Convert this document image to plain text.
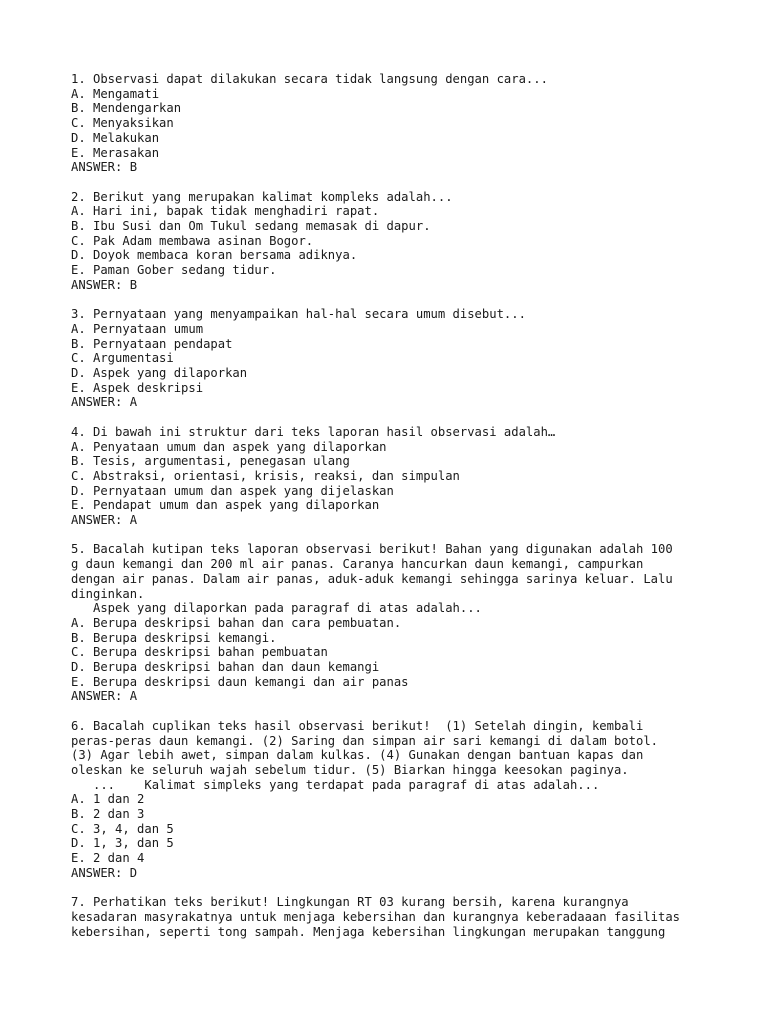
1. Observasi dapat dilakukan secara tidak langsung dengan cara...
A. Mengamati
B. Mendengarkan
C. Menyaksikan
D. Melakukan
E. Merasakan
ANSWER: B
2. Berikut yang merupakan kalimat kompleks adalah...
A. Hari ini, bapak tidak menghadiri rapat.
B. Ibu Susi dan Om Tukul sedang memasak di dapur.
C. Pak Adam membawa asinan Bogor.
D. Doyok membaca koran bersama adiknya.
E. Paman Gober sedang tidur.
ANSWER: B
3. Pernyataan yang menyampaikan hal-hal secara umum disebut...
A. Pernyataan umum
B. Pernyataan pendapat
C. Argumentasi
D. Aspek yang dilaporkan
E. Aspek deskripsi
ANSWER: A
4. Di bawah ini struktur dari teks laporan hasil observasi adalah…
A. Penyataan umum dan aspek yang dilaporkan
B. Tesis, argumentasi, penegasan ulang
C. Abstraksi, orientasi, krisis, reaksi, dan simpulan
D. Pernyataan umum dan aspek yang dijelaskan
E. Pendapat umum dan aspek yang dilaporkan
ANSWER: A
5. Bacalah kutipan teks laporan observasi berikut! Bahan yang digunakan adalah 100
g daun kemangi dan 200 ml air panas. Caranya hancurkan daun kemangi, campurkan
dengan air panas. Dalam air panas, aduk-aduk kemangi sehingga sarinya keluar. Lalu
dinginkan.
Aspek yang dilaporkan pada paragraf di atas adalah...
A. Berupa deskripsi bahan dan cara pembuatan.
B. Berupa deskripsi kemangi.
C. Berupa deskripsi bahan pembuatan
D. Berupa deskripsi bahan dan daun kemangi
E. Berupa deskripsi daun kemangi dan air panas
ANSWER: A
6. Bacalah cuplikan teks hasil observasi berikut!  (1) Setelah dingin, kembali
peras-peras daun kemangi. (2) Saring dan simpan air sari kemangi di dalam botol.
(3) Agar lebih awet, simpan dalam kulkas. (4) Gunakan dengan bantuan kapas dan
oleskan ke seluruh wajah sebelum tidur. (5) Biarkan hingga keesokan paginya.
...    Kalimat simpleks yang terdapat pada paragraf di atas adalah...
A. 1 dan 2
B. 2 dan 3
C. 3, 4, dan 5
D. 1, 3, dan 5
E. 2 dan 4
ANSWER: D
7. Perhatikan teks berikut! Lingkungan RT 03 kurang bersih, karena kurangnya
kesadaran masyrakatnya untuk menjaga kebersihan dan kurangnya keberadaaan fasilitas
kebersihan, seperti tong sampah. Menjaga kebersihan lingkungan merupakan tanggung
